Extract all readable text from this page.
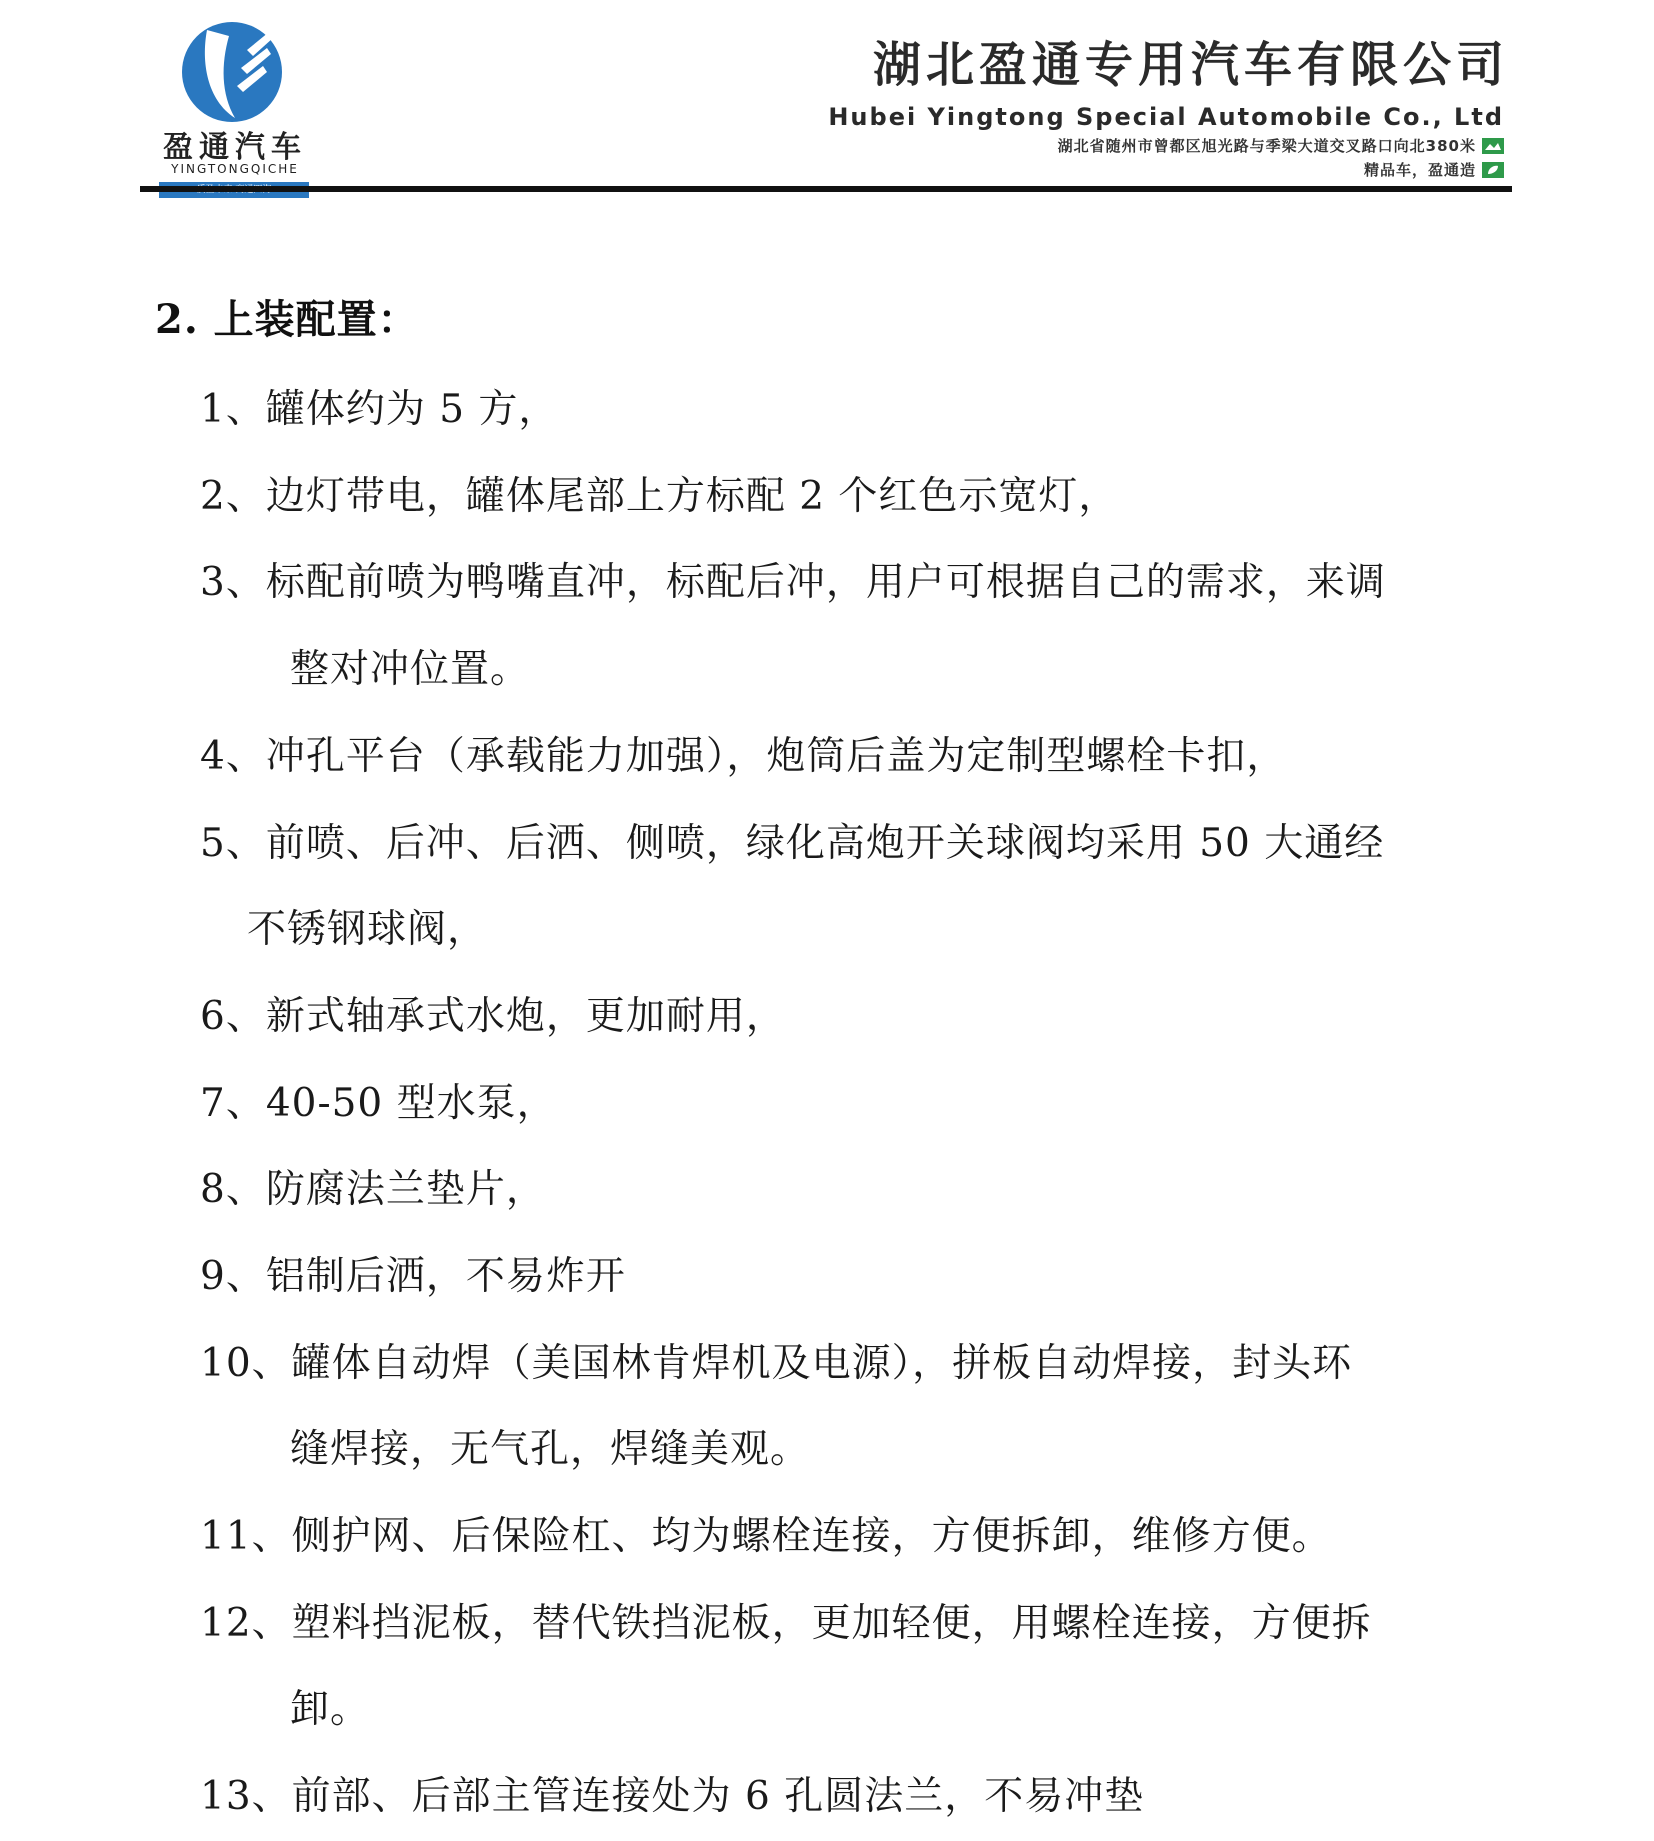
盈通汽车
YINGTONGQICHE
湖北盈通专用汽车有限公司
Hubei Yingtong Special Automobile Co., Ltd
湖北省随州市曾都区旭光路与季梁大道交叉路口向北380米
精品车，盈通造
2. 上装配置：
1、罐体约为 5 方，
2、边灯带电，罐体尾部上方标配 2 个红色示宽灯，
3、标配前喷为鸭嘴直冲，标配后冲，用户可根据自己的需求，来调
整对冲位置。
4、冲孔平台（承载能力加强），炮筒后盖为定制型螺栓卡扣，
5、前喷、后冲、后洒、侧喷，绿化高炮开关球阀均采用 50 大通经
不锈钢球阀，
6、新式轴承式水炮，更加耐用，
7、40-50 型水泵，
8、防腐法兰垫片，
9、铝制后洒，不易炸开
10、罐体自动焊（美国林肯焊机及电源），拼板自动焊接，封头环
缝焊接，无气孔，焊缝美观。
11、侧护网、后保险杠、均为螺栓连接，方便拆卸，维修方便。
12、塑料挡泥板，替代铁挡泥板，更加轻便，用螺栓连接，方便拆
卸。
13、前部、后部主管连接处为 6 孔圆法兰，不易冲垫
